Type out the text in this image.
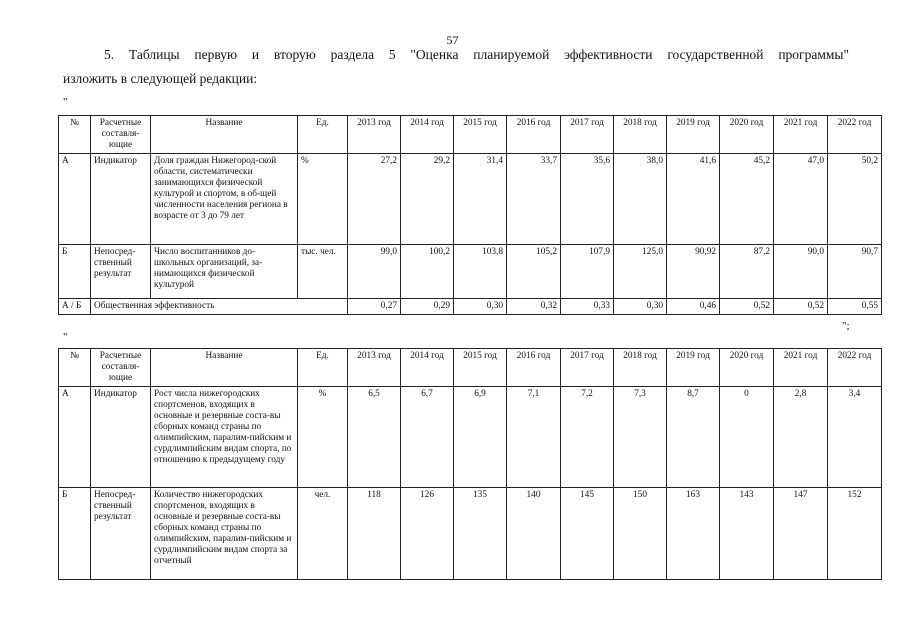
57
5. Таблицы первую и вторую раздела 5 "Оценка планируемой эффективности государственной программы"
изложить в следующей редакции:
"
№	Расчетные составля-ющие	Название	Ед.	2013 год	2014 год	2015 год	2016 год	2017 год	2018 год	2019 год	2020 год	2021 год	2022 год
А	Индикатор	Доля граждан Нижегород-ской области, систематически занимающихся физической культурой и спортом, в об-щей численности населения региона в возрасте от 3 до 79 лет	%	27,2	29,2	31,4	33,7	35,6	38,0	41,6	45,2	47,0	50,2
Б	Непосред-ственный результат	Число воспитанников до-школьных организаций, за-нимающихся физической культурой	тыс. чел.	99,0	100,2	103,8	105,2	107,9	125,0	90,92	87,2	90,0	90,7
А / Б	Общественная эффективность			0,27	0,29	0,30	0,32	0,33	0,30	0,46	0,52	0,52	0,55
";
"
№	Расчетные составля-ющие	Название	Ед.	2013 год	2014 год	2015 год	2016 год	2017 год	2018 год	2019 год	2020 год	2021 год	2022 год
А	Индикатор	Рост числа нижегородских спортсменов, входящих в основные и резервные соста-вы сборных команд страны по олимпийским, паралим-пийским и сурдлимпийским видам спорта, по отношению к предыдущему году	%	6,5	6,7	6,9	7,1	7,2	7,3	8,7	0	2,8	3,4
Б	Непосред-ственный результат	Количество нижегородских спортсменов, входящих в основные и резервные соста-вы сборных команд страны по олимпийским, паралим-пийским и сурдлимпийским видам спорта за отчетный	чел.	118	126	135	140	145	150	163	143	147	152
